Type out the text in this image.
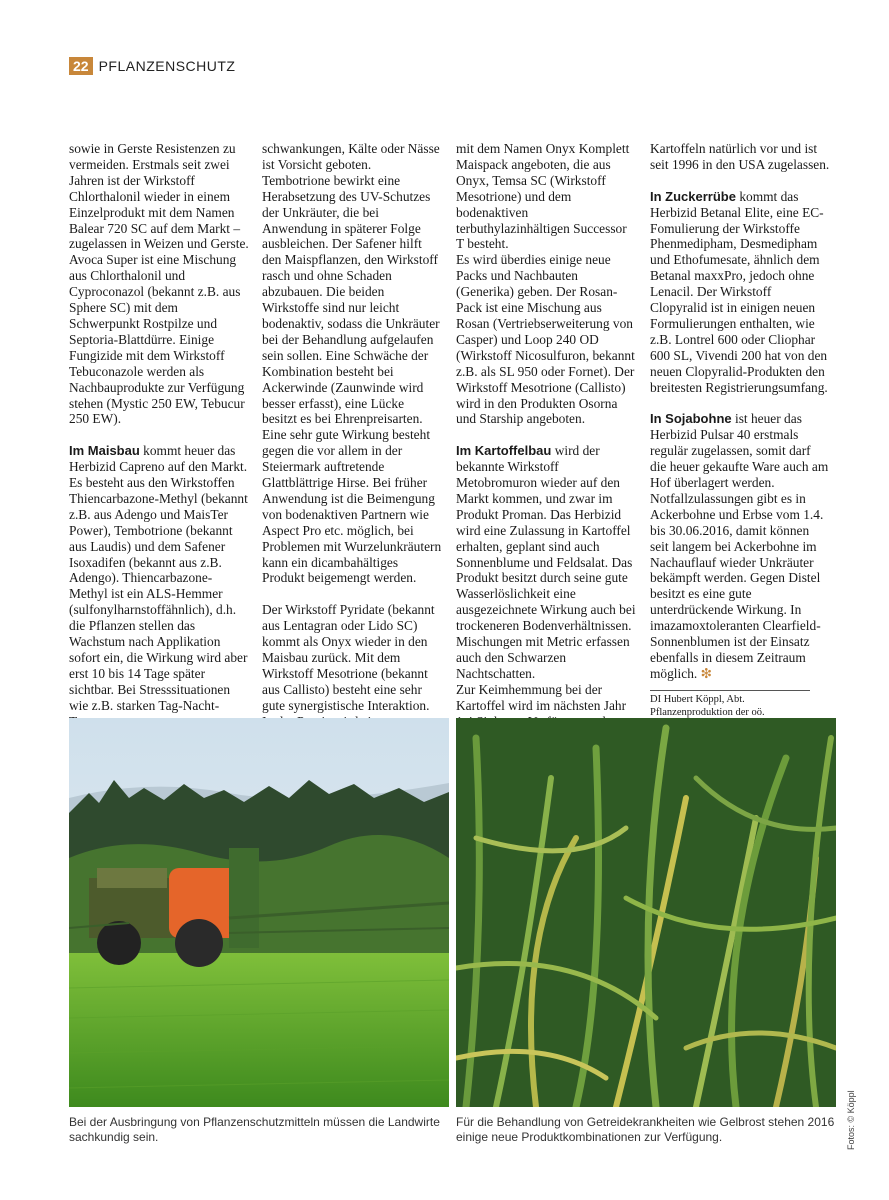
22 PFLANZENSCHUTZ

sowie in Gerste Resistenzen zu vermeiden. Erstmals seit zwei Jahren ist der Wirkstoff Chlorthalonil wieder in einem Einzelprodukt mit dem Namen Balear 720 SC auf dem Markt – zugelassen in Weizen und Gerste. Avoca Super ist eine Mischung aus Chlorthalonil und Cyproconazol (bekannt z.B. aus Sphere SC) mit dem Schwerpunkt Rostpilze und Septoria-Blattdürre. Einige Fungizide mit dem Wirkstoff Tebuconazole werden als Nachbauprodukte zur Verfügung stehen (Mystic 250 EW, Tebucur 250 EW).

Im Maisbau kommt heuer das Herbizid Capreno auf den Markt. Es besteht aus den Wirkstoffen Thiencarbazone-Methyl (bekannt z.B. aus Adengo und MaisTer Power), Tembotrione (bekannt aus Laudis) und dem Safener Isoxadifen (bekannt aus z.B. Adengo). Thiencarbazone-Methyl ist ein ALS-Hemmer (sulfonylharnstoffähnlich), d.h. die Pflanzen stellen das Wachstum nach Applikation sofort ein, die Wirkung wird aber erst 10 bis 14 Tage später sichtbar. Bei Stresssituationen wie z.B. starken Tag-Nacht-

schwankungen, Kälte oder Nässe ist Vorsicht geboten. Tembotrione bewirkt eine Herabsetzung des UV-Schutzes der Unkräuter, die bei Anwendung in späterer Folge ausbleichen. Der Safener hilft den Maispflanzen, den Wirkstoff rasch und ohne Schaden abzubauen. Die beiden Wirkstoffe sind nur leicht bodenaktiv, sodass die Unkräuter bei der Behandlung aufgelaufen sein sollen. Eine Schwäche der Kombination besteht bei Ackerwinde (Zaunwinde wird besser erfasst), eine Lücke besitzt es bei Ehrenpreisarten. Eine sehr gute Wirkung besteht gegen die vor allem in der Steiermark auftretende Glattblättrige Hirse. Bei früher Anwendung ist die Beimengung von bodenaktiven Partnern wie Aspect Pro etc. möglich, bei Problemen mit Wurzelunkräutern kann ein dicambahältiges Produkt beigemengt werden.

Der Wirkstoff Pyridate (bekannt aus Lentagran oder Lido SC) kommt als Onyx wieder in den Maisbau zurück. Mit dem Wirkstoff Mesotrione (bekannt aus Callisto) besteht eine sehr gute synergistische Interaktion.

mit dem Namen Onyx Komplett Maispack angeboten, die aus Onyx, Temsa SC (Wirkstoff Mesotrione) und dem bodenaktiven terbuthylazinhältigen Successor T besteht.

Es wird überdies einige neue Packs und Nachbauten (Generika) geben. Der Rosan-Pack ist eine Mischung aus Rosan (Vertriebserweiterung von Casper) und Loop 240 OD (Wirkstoff Nicosulfuron, bekannt z.B. als SL 950 oder Fornet). Der Wirkstoff Mesotrione (Callisto) wird in den Produkten Osorna und Starship angeboten.

Im Kartoffelbau wird der bekannte Wirkstoff Metobromuron wieder auf den Markt kommen, und zwar im Produkt Proman. Das Herbizid wird eine Zulassung in Kartoffel erhalten, geplant sind auch Sonnenblume und Feldsalat. Das Produkt besitzt durch seine gute Wasserlöslichkeit eine ausgezeichnete Wirkung auch bei trockeneren Bodenverhältnissen. Mischungen mit Metric erfassen auch den Schwarzen Nachtschatten.

Zur Keimhemmung bei der Kartoffel wird im nächsten Jahr

Kartoffeln natürlich vor und ist seit 1996 in den USA zugelassen.

In Zuckerrübe kommt das Herbizid Betanal Elite, eine EC-Fomulierung der Wirkstoffe Phenmedipham, Desmedipham und Ethofumesate, ähnlich dem Betanal maxxPro, jedoch ohne Lenacil. Der Wirkstoff Clopyralid ist in einigen neuen Formulierungen enthalten, wie z.B. Lontrel 600 oder Cliophar 600 SL, Vivendi 200 hat von den neuen Clopyralid-Produkten den breitesten Registrierungsumfang.

In Sojabohne ist heuer das Herbizid Pulsar 40 erstmals regulär zugelassen, somit darf die heuer gekaufte Ware auch am Hof überlagert werden. Notfallzulassungen gibt es in Ackerbohne und Erbse vom 1.4. bis 30.06.2016, damit können seit langem bei Ackerbohne im Nachauflauf wieder Unkräuter bekämpft werden. Gegen Distel besitzt es eine gute unterdrückende Wirkung. In imazamoxtoleranten Clearfield-Sonnenblumen ist der Einsatz ebenfalls in diesem Zeitraum möglich. ❇

DI Hubert Köppl, Abt. Pflanzenproduktion der oö.
Bei der Ausbringung von Pflanzenschutzmitteln müssen die Landwirte sachkundig sein.
Für die Behandlung von Getreidekrankheiten wie Gelbrost stehen 2016 einige neue Produktkombinationen zur Verfügung.	Fotos: © Köppl
